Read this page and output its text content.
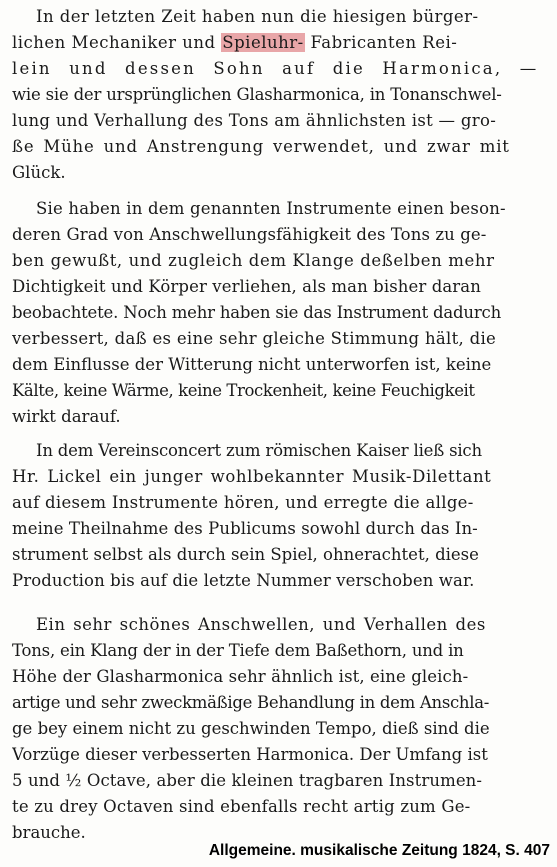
In der letzten Zeit haben nun die hiesigen bürger-
lichen Mechaniker und Spieluhr- Fabricanten Rei-
lein und dessen Sohn auf die Harmonica, —
wie sie der ursprünglichen Glasharmonica, in Tonanschwel-
lung und Verhallung des Tons am ähnlichsten ist — gro-
ße Mühe und Anstrengung verwendet, und zwar mit
Glück.
Sie haben in dem genannten Instrumente einen beson-
deren Grad von Anschwellungsfähigkeit des Tons zu ge-
ben gewußt, und zugleich dem Klange deßelben mehr
Dichtigkeit und Körper verliehen, als man bisher daran
beobachtete. Noch mehr haben sie das Instrument dadurch
verbessert, daß es eine sehr gleiche Stimmung hält, die
dem Einflusse der Witterung nicht unterworfen ist, keine
Kälte, keine Wärme, keine Trockenheit, keine Feuchigkeit
wirkt darauf.
In dem Vereinsconcert zum römischen Kaiser ließ sich
Hr. Lickel ein junger wohlbekannter Musik-Dilettant
auf diesem Instrumente hören, und erregte die allge-
meine Theilnahme des Publicums sowohl durch das In-
strument selbst als durch sein Spiel, ohnerachtet, diese
Production bis auf die letzte Nummer verschoben war.
Ein sehr schönes Anschwellen, und Verhallen des
Tons, ein Klang der in der Tiefe dem Baßethorn, und in
Höhe der Glasharmonica sehr ähnlich ist, eine gleich-
artige und sehr zweckmäßige Behandlung in dem Anschla-
ge bey einem nicht zu geschwinden Tempo, dieß sind die
Vorzüge dieser verbesserten Harmonica. Der Umfang ist
5 und ½ Octave, aber die kleinen tragbaren Instrumen-
te zu drey Octaven sind ebenfalls recht artig zum Ge-
brauche.
Allgemeine. musikalische Zeitung 1824, S. 407
